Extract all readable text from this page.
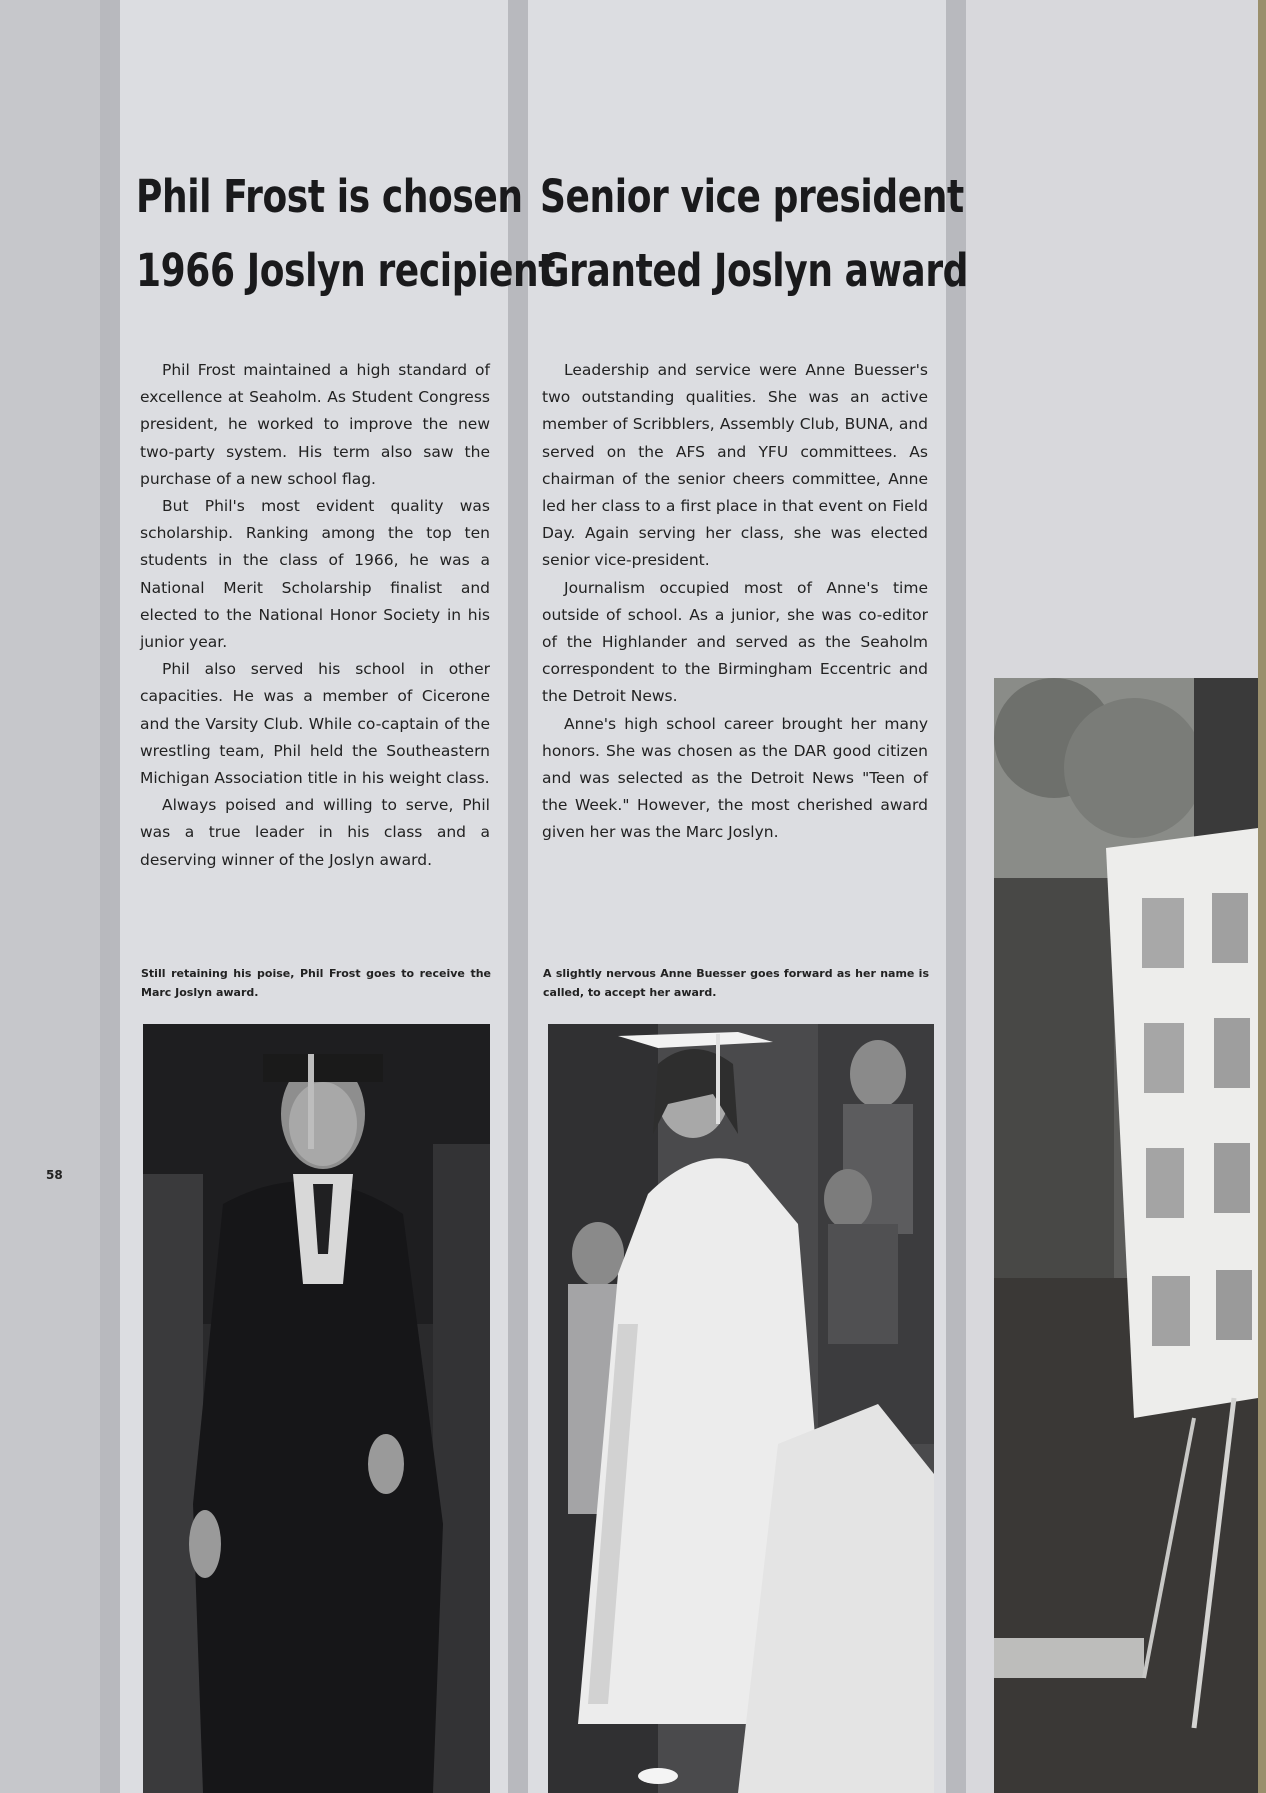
Phil Frost is chosen
1966 Joslyn recipient

Phil Frost maintained a high standard of excellence at Seaholm. As Student Congress president, he worked to improve the new two-party system. His term also saw the purchase of a new school flag.

But Phil's most evident quality was scholarship. Ranking among the top ten students in the class of 1966, he was a National Merit Scholarship finalist and elected to the National Honor Society in his junior year.

Phil also served his school in other capacities. He was a member of Cicerone and the Varsity Club. While co-captain of the wrestling team, Phil held the Southeastern Michigan Association title in his weight class.

Always poised and willing to serve, Phil was a true leader in his class and a deserving winner of the Joslyn award.

Still retaining his poise, Phil Frost goes to receive the Marc Joslyn award.

Senior vice president
Granted Joslyn award

Leadership and service were Anne Buesser's two outstanding qualities. She was an active member of Scribblers, Assembly Club, BUNA, and served on the AFS and YFU committees. As chairman of the senior cheers committee, Anne led her class to a first place in that event on Field Day. Again serving her class, she was elected senior vice-president.

Journalism occupied most of Anne's time outside of school. As a junior, she was co-editor of the Highlander and served as the Seaholm correspondent to the Birmingham Eccentric and the Detroit News.

Anne's high school career brought her many honors. She was chosen as the DAR good citizen and was selected as the Detroit News "Teen of the Week." However, the most cherished award given her was the Marc Joslyn.

A slightly nervous Anne Buesser goes forward as her name is called, to accept her award.

58
